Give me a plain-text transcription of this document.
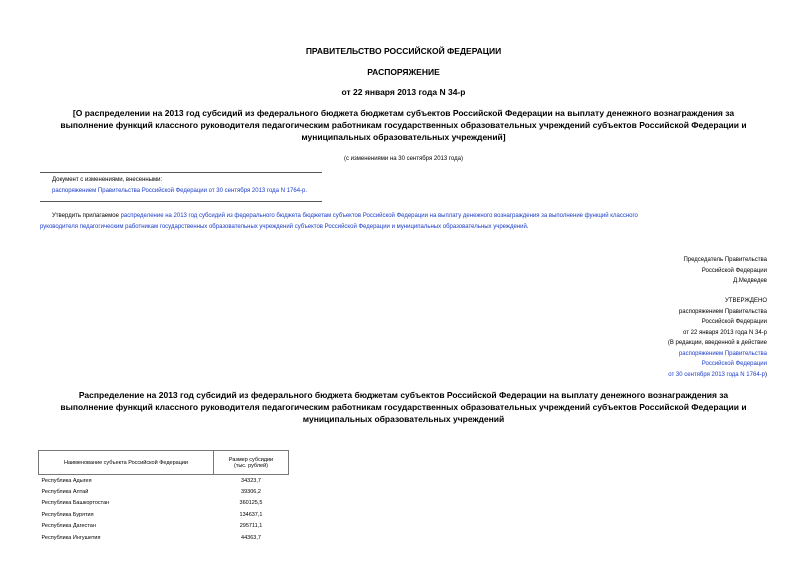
ПРАВИТЕЛЬСТВО РОССИЙСКОЙ ФЕДЕРАЦИИ
РАСПОРЯЖЕНИЕ
от 22 января 2013 года N 34-р
[О распределении на 2013 год субсидий из федерального бюджета бюджетам субъектов Российской Федерации на выплату денежного вознаграждения за
выполнение функций классного руководителя педагогическим работникам государственных образовательных учреждений субъектов Российской Федерации и
муниципальных образовательных учреждений]
(с изменениями на 30 сентября 2013 года)
Документ с изменениями, внесенными:
распоряжением Правительства Российской Федерации от 30 сентября 2013 года N 1764-р.
Утвердить прилагаемое распределение на 2013 год субсидий из федерального бюджета бюджетам субъектов Российской Федерации на выплату денежного вознаграждения за выполнение функций классного
руководителя педагогическим работникам государственных образовательных учреждений субъектов Российской Федерации и муниципальных образовательных учреждений.
Председатель Правительства
Российской Федерации
Д.Медведев
УТВЕРЖДЕНО
распоряжением Правительства
Российской Федерации
от 22 января 2013 года N 34-р
(В редакции, введенной в действие
распоряжением Правительства
Российской Федерации
от 30 сентября 2013 года N 1764-р)
Распределение на 2013 год субсидий из федерального бюджета бюджетам субъектов Российской Федерации на выплату денежного вознаграждения за
выполнение функций классного руководителя педагогическим работникам государственных образовательных учреждений субъектов Российской Федерации и
муниципальных образовательных учреждений
Наименование субъекта Российской Федерации	Размер субсидии
(тыс. рублей)

Республика Адыгея	34323,7
Республика Алтай	39306,2
Республика Башкортостан	360125,5
Республика Бурятия	134637,1
Республика Дагестан	295711,1
Республика Ингушетия	44363,7
